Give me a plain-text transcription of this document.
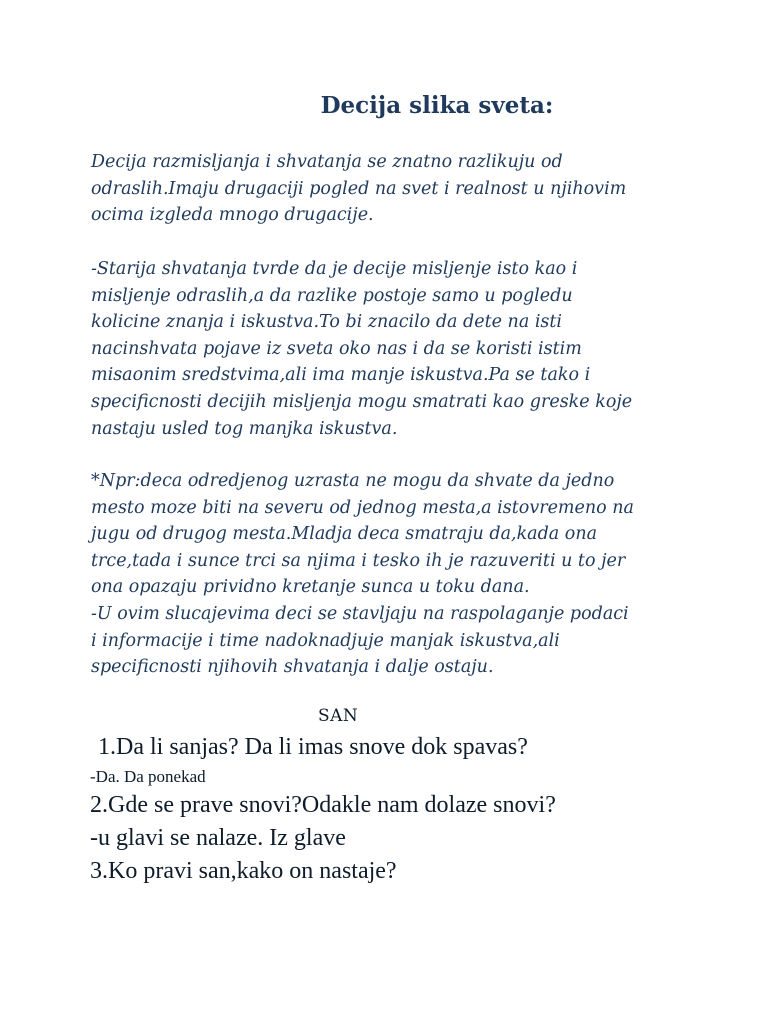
Decija slika sveta:
Decija razmisljanja i shvatanja se znatno razlikuju od
odraslih.Imaju drugaciji pogled na svet i realnost u njihovim
ocima izgleda mnogo drugacije.
-Starija shvatanja tvrde da je decije misljenje isto kao i
misljenje odraslih,a da razlike postoje samo u pogledu
kolicine znanja i iskustva.To bi znacilo da dete na isti
nacinshvata pojave iz sveta oko nas i da se koristi istim
misaonim sredstvima,ali ima manje iskustva.Pa se tako i
specificnosti decijih misljenja mogu smatrati kao greske koje
nastaju usled tog manjka iskustva.
*Npr:deca odredjenog uzrasta ne mogu da shvate da jedno
mesto moze biti na severu od jednog mesta,a istovremeno na
jugu od drugog mesta.Mladja deca smatraju da,kada ona
trce,tada i sunce trci sa njima i tesko ih je razuveriti u to jer
ona opazaju prividno kretanje sunca u toku dana.
-U ovim slucajevima deci se stavljaju na raspolaganje podaci
i informacije i time nadoknadjuje manjak iskustva,ali
specificnosti njihovih shvatanja i dalje ostaju.
SAN
1.Da li sanjas? Da li imas snove dok spavas?
-Da. Da ponekad
2.Gde se prave snovi?Odakle nam dolaze snovi?
-u glavi se nalaze. Iz glave
3.Ko pravi san,kako on nastaje?
